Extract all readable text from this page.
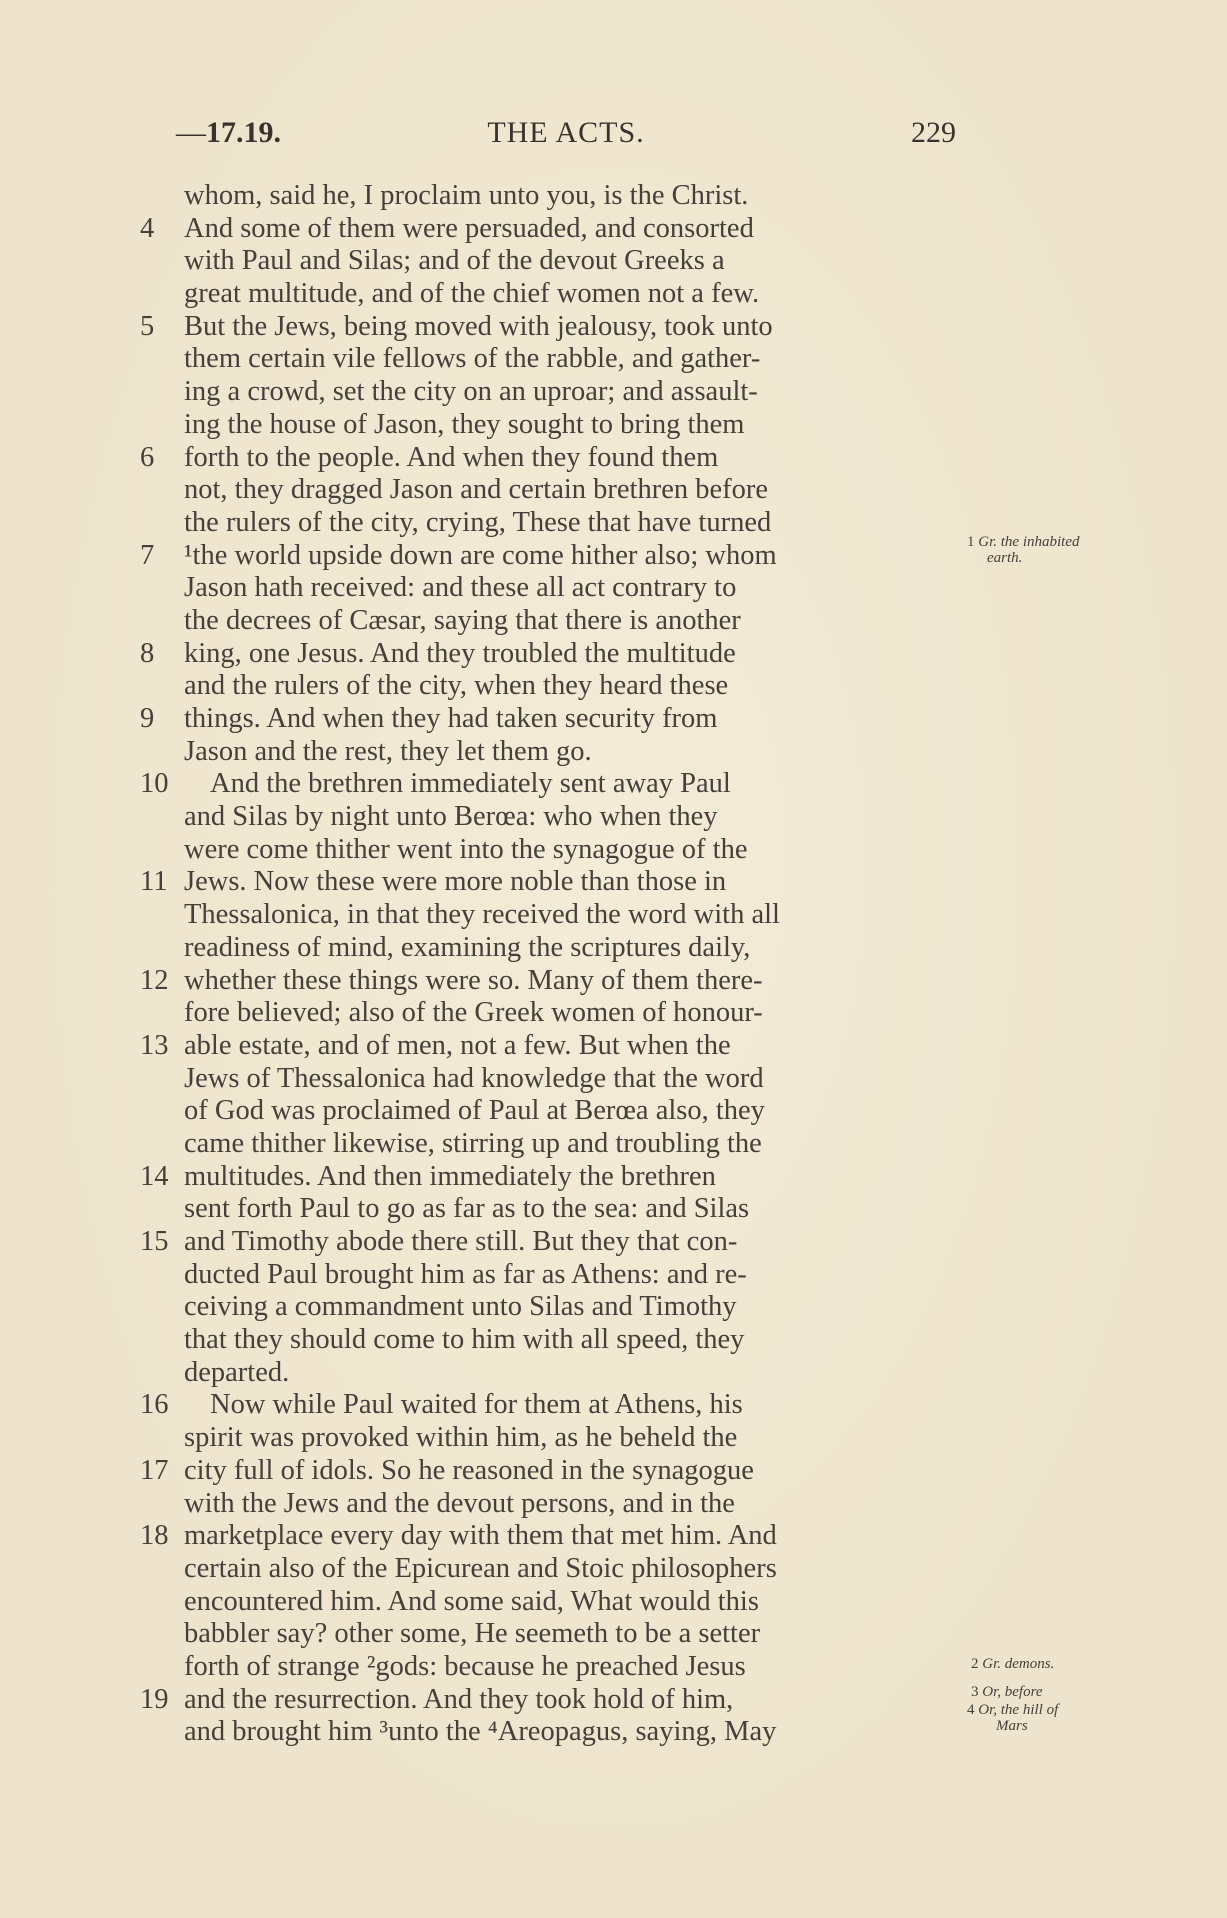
—17.19.	THE ACTS.	229
whom, said he, I proclaim unto you, is the Christ.
4	And some of them were persuaded, and consorted
with Paul and Silas; and of the devout Greeks a
great multitude, and of the chief women not a few.
5	But the Jews, being moved with jealousy, took unto
them certain vile fellows of the rabble, and gather-
ing a crowd, set the city on an uproar; and assault-
ing the house of Jason, they sought to bring them
6	forth to the people. And when they found them
not, they dragged Jason and certain brethren before
the rulers of the city, crying, These that have turned
7	¹the world upside down are come hither also; whom
Jason hath received: and these all act contrary to
the decrees of Cæsar, saying that there is another
8	king, one Jesus. And they troubled the multitude
and the rulers of the city, when they heard these
9	things. And when they had taken security from
Jason and the rest, they let them go.
10	And the brethren immediately sent away Paul
and Silas by night unto Berœa: who when they
were come thither went into the synagogue of the
11 Jews. Now these were more noble than those in
Thessalonica, in that they received the word with all
readiness of mind, examining the scriptures daily,
12 whether these things were so. Many of them there-
fore believed; also of the Greek women of honour-
13 able estate, and of men, not a few. But when the
Jews of Thessalonica had knowledge that the word
of God was proclaimed of Paul at Berœa also, they
came thither likewise, stirring up and troubling the
14 multitudes. And then immediately the brethren
sent forth Paul to go as far as to the sea: and Silas
15 and Timothy abode there still. But they that con-
ducted Paul brought him as far as Athens: and re-
ceiving a commandment unto Silas and Timothy
that they should come to him with all speed, they
departed.
16	Now while Paul waited for them at Athens, his
spirit was provoked within him, as he beheld the
17 city full of idols. So he reasoned in the synagogue
with the Jews and the devout persons, and in the
18 marketplace every day with them that met him. And
certain also of the Epicurean and Stoic philosophers
encountered him. And some said, What would this
babbler say? other some, He seemeth to be a setter
forth of strange ²gods: because he preached Jesus
19 and the resurrection. And they took hold of him,
and brought him ³unto the ⁴Areopagus, saying, May
1 Gr. the inhabited
earth.
2 Gr. demons.
3 Or, before
4 Or, the hill of
Mars
